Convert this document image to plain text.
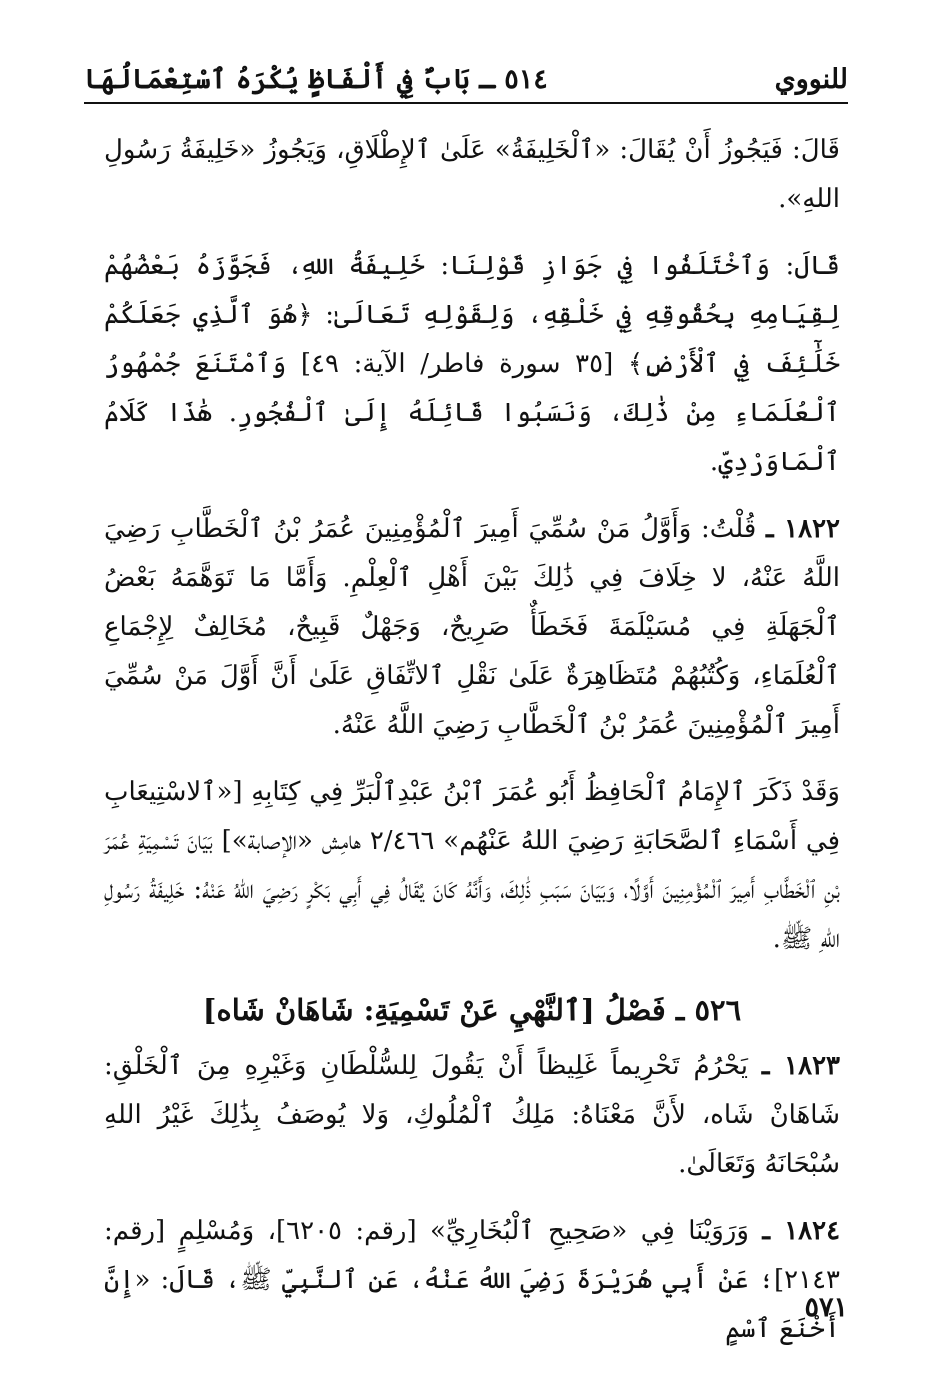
للنووي
٥١٤ ـ بَابٌ فِي أَلْفَاظٍ يُكْرَهُ ٱسْتِعْمَالُهَا

قَالَ: فَيَجُوزُ أَنْ يُقَالَ: «ٱلْخَلِيفَةُ» عَلَىٰ ٱلإِطْلَاقِ، وَيَجُوزُ «خَلِيفَةُ رَسُولِ اللهِ».

قَالَ: وَٱخْتَلَفُوا فِي جَوَازِ قَوْلِنَا: خَلِيفَةُ اللهِ، فَجَوَّزَهُ بَعْضُهُمْ لِقِيَامِهِ بِحُقُوقِهِ فِي خَلْقِهِ، وَلِقَوْلِهِ تَعَالَىٰ: ﴿هُوَ ٱلَّذِي جَعَلَكُمْ خَلَٰٓئِفَ فِي ٱلْأَرْضِ﴾ [٣٥ سورة فاطر/ الآية: ٤٩] وَٱمْتَنَعَ جُمْهُورُ ٱلْعُلَمَاءِ مِنْ ذَٰلِكَ، وَنَسَبُوا قَائِلَهُ إِلَىٰ ٱلْفُجُورِ. هَٰذَا كَلَامُ ٱلْمَاوَرْدِيِّ.

١٨٢٢ ـ قُلْتُ: وَأَوَّلُ مَنْ سُمِّيَ أَمِيرَ ٱلْمُؤْمِنِينَ عُمَرُ بْنُ ٱلْخَطَّابِ رَضِيَ اللَّهُ عَنْهُ، لا خِلَافَ فِي ذَٰلِكَ بَيْنَ أَهْلِ ٱلْعِلْمِ. وَأَمَّا مَا تَوَهَّمَهُ بَعْضُ ٱلْجَهَلَةِ فِي مُسَيْلَمَةَ فَخَطَأٌ صَرِيحٌ، وَجَهْلٌ قَبِيحٌ، مُخَالِفٌ لِإِجْمَاعِ ٱلْعُلَمَاءِ، وَكُتُبُهُمْ مُتَظَاهِرَةٌ عَلَىٰ نَقْلِ ٱلاتِّفَاقِ عَلَىٰ أَنَّ أَوَّلَ مَنْ سُمِّيَ أَمِيرَ ٱلْمُؤْمِنِينَ عُمَرُ بْنُ ٱلْخَطَّابِ رَضِيَ اللَّهُ عَنْهُ.

وَقَدْ ذَكَرَ ٱلإِمَامُ ٱلْحَافِظُ أَبُو عُمَرَ ٱبْنُ عَبْدِٱلْبَرِّ فِي كِتَابِهِ [«ٱلاسْتِيعَابِ فِي أَسْمَاءِ ٱلصَّحَابَةِ رَضِيَ اللهُ عَنْهُم» ٢/٤٦٦ هامِش «الإصابة»] بَيَانَ تَسْمِيَةِ عُمَرَ بْنِ ٱلْخَطَّابِ أَمِيرَ ٱلْمُؤْمِنِينَ أَوَّلًا، وَبَيَانَ سَبَبِ ذَٰلِكَ، وَأَنَّهُ كَانَ يُقَالُ فِي أَبِي بَكْرٍ رَضِيَ اللهُ عَنْهُ: خَلِيفَةُ رَسُولِ اللهِ ﷺ.

٥٢٦ ـ فَصْلُ [ٱلنَّهْيِ عَنْ تَسْمِيَةِ: شَاهَانْ شَاه]

١٨٢٣ ـ يَحْرُمُ تَحْرِيماً غَلِيظاً أَنْ يَقُولَ لِلسُّلْطَانِ وَغَيْرِهِ مِنَ ٱلْخَلْقِ: شَاهَانْ شَاه، لأَنَّ مَعْنَاهُ: مَلِكُ ٱلْمُلُوكِ، وَلا يُوصَفُ بِذَٰلِكَ غَيْرُ اللهِ سُبْحَانَهُ وَتَعَالَىٰ.

١٨٢٤ ـ وَرَوَيْنَا فِي «صَحِيحِ ٱلْبُخَارِيِّ» [رقم: ٦٢٠٥]، وَمُسْلِمٍ [رقم: ٢١٤٣]؛ عَنْ أَبِي هُرَيْرَةَ رَضِيَ اللهُ عَنْهُ، عَنِ ٱلنَّبِيِّ ﷺ، قَالَ: «إِنَّ أَخْنَعَ ٱسْمٍ

٥٧١
